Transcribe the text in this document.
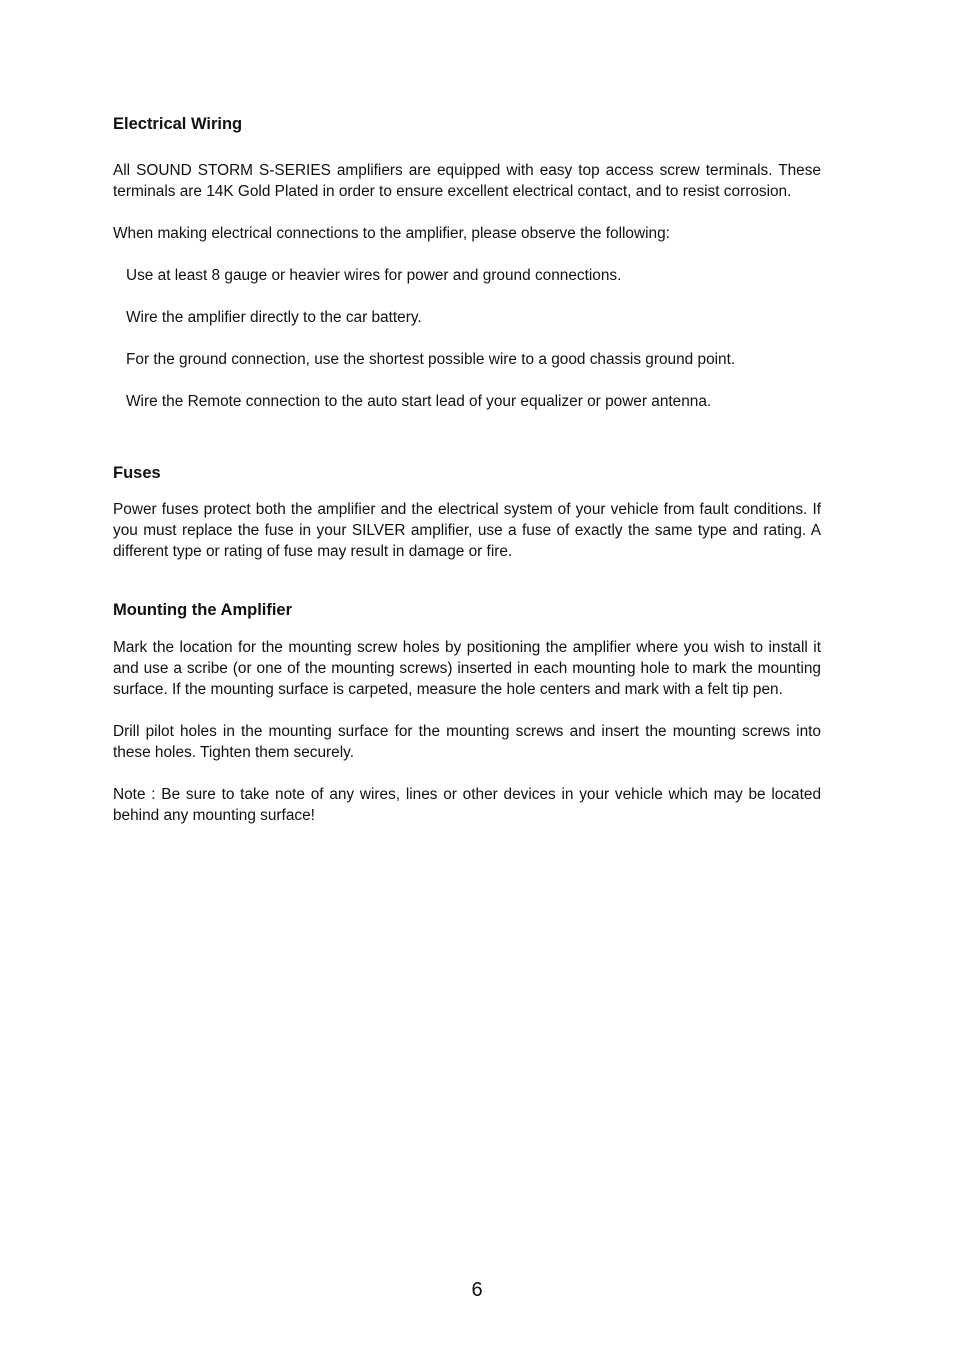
Electrical Wiring

All SOUND STORM S-SERIES amplifiers are equipped with easy top access screw terminals. These terminals are 14K Gold Plated in order to ensure excellent electrical contact, and to resist corrosion.

When making electrical connections to the amplifier, please observe the following:

Use at least 8 gauge or heavier wires for power and ground connections.

Wire the amplifier directly to the car battery.

For the ground connection, use the shortest possible wire to a good chassis ground point.

Wire the Remote connection to the auto start lead of your equalizer or power antenna.

Fuses

Power fuses protect both the amplifier and the electrical system of your vehicle from fault conditions. If you must replace the fuse in your SILVER amplifier, use a fuse of exactly the same type and rating. A different type or rating of fuse may result in damage or fire.

Mounting the Amplifier

Mark the location for the mounting screw holes by positioning the amplifier where you wish to install it and use a scribe (or one of the mounting screws) inserted in each mounting hole to mark the mounting surface. If the mounting surface is carpeted, measure the hole centers and mark with a felt tip pen.

Drill pilot holes in the mounting surface for the mounting screws and insert the mounting screws into these holes. Tighten them securely.

Note : Be sure to take note of any wires, lines or other devices in your vehicle which may be located behind any mounting surface!

6
